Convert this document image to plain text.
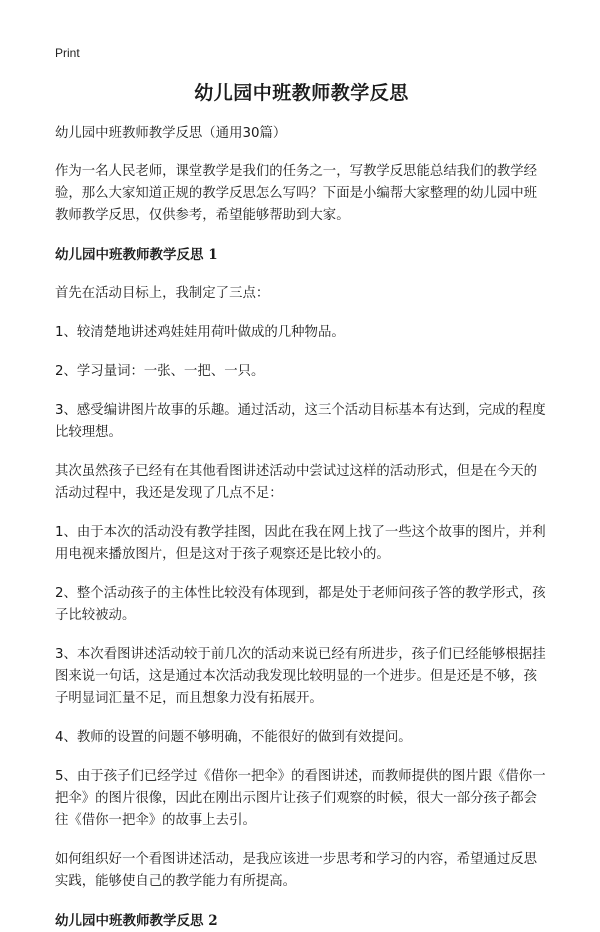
Print
幼儿园中班教师教学反思

幼儿园中班教师教学反思（通用30篇）

作为一名人民老师，课堂教学是我们的任务之一，写教学反思能总结我们的教学经验，那么大家知道正规的教学反思怎么写吗？下面是小编帮大家整理的幼儿园中班教师教学反思，仅供参考，希望能够帮助到大家。

幼儿园中班教师教学反思 1

首先在活动目标上，我制定了三点：

1、较清楚地讲述鸡娃娃用荷叶做成的几种物品。

2、学习量词：一张、一把、一只。

3、感受编讲图片故事的乐趣。通过活动，这三个活动目标基本有达到，完成的程度比较理想。

其次虽然孩子已经有在其他看图讲述活动中尝试过这样的活动形式，但是在今天的活动过程中，我还是发现了几点不足：

1、由于本次的活动没有教学挂图，因此在我在网上找了一些这个故事的图片，并利用电视来播放图片，但是这对于孩子观察还是比较小的。

2、整个活动孩子的主体性比较没有体现到，都是处于老师问孩子答的教学形式，孩子比较被动。

3、本次看图讲述活动较于前几次的活动来说已经有所进步，孩子们已经能够根据挂图来说一句话，这是通过本次活动我发现比较明显的一个进步。但是还是不够，孩子明显词汇量不足，而且想象力没有拓展开。

4、教师的设置的问题不够明确，不能很好的做到有效提问。

5、由于孩子们已经学过《借你一把伞》的看图讲述，而教师提供的图片跟《借你一把伞》的图片很像，因此在刚出示图片让孩子们观察的时候，很大一部分孩子都会往《借你一把伞》的故事上去引。

如何组织好一个看图讲述活动，是我应该进一步思考和学习的内容，希望通过反思实践，能够使自己的教学能力有所提高。

幼儿园中班教师教学反思 2
